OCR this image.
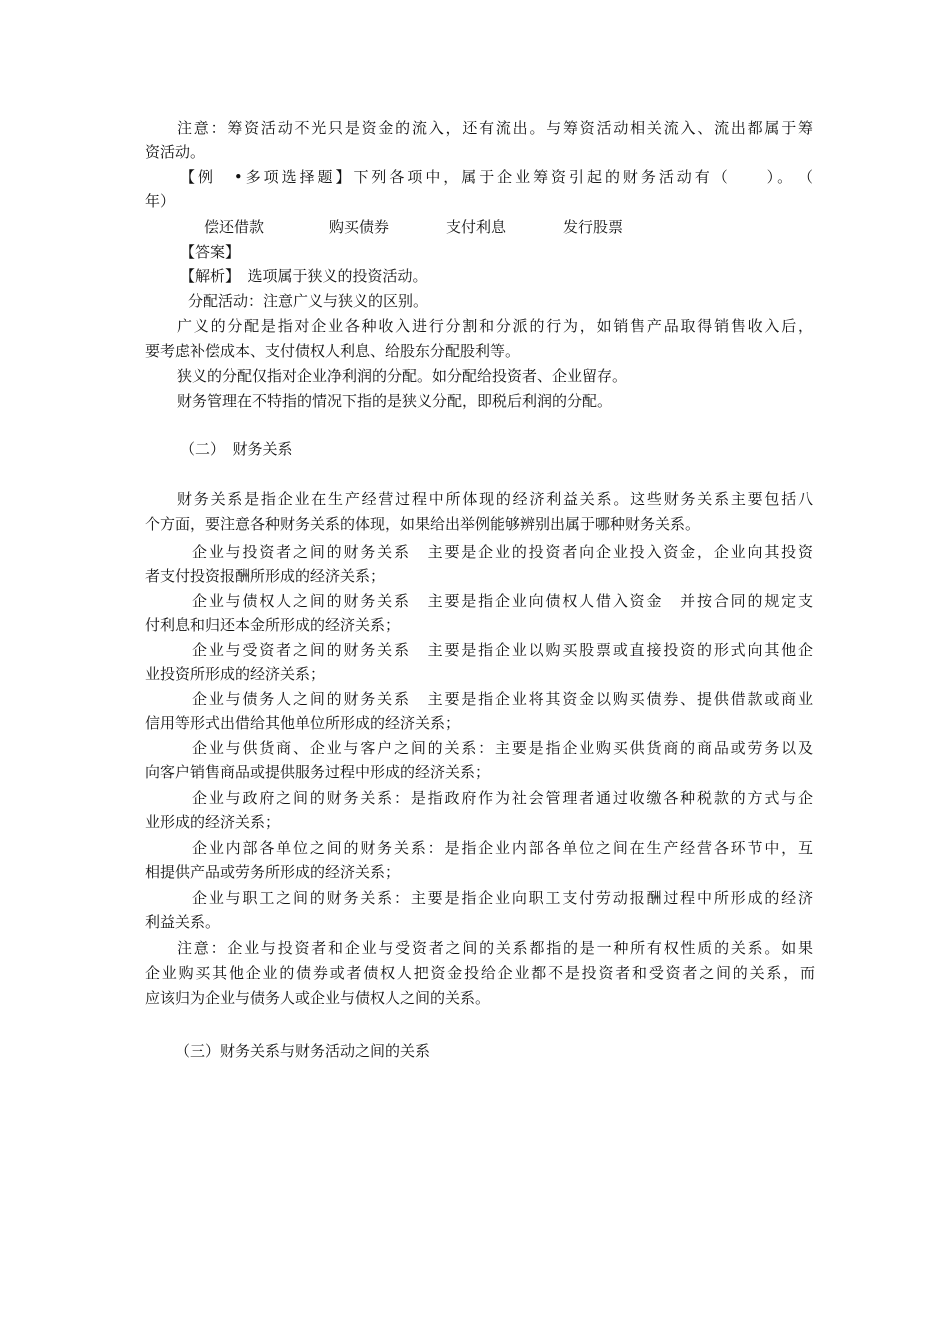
注意：筹资活动不光只是资金的流入，还有流出。与筹资活动相关流入、流出都属于筹
资活动。
【例　•多项选择题】下列各项中，属于企业筹资引起的财务活动有（　　）。　（
年）
偿还借款	购买债券	支付利息	发行股票
【答案】
【解析】　选项属于狭义的投资活动。
分配活动：注意广义与狭义的区别。
广义的分配是指对企业各种收入进行分割和分派的行为，如销售产品取得销售收入后，
要考虑补偿成本、支付债权人利息、给股东分配股利等。
狭义的分配仅指对企业净利润的分配。如分配给投资者、企业留存。
财务管理在不特指的情况下指的是狭义分配，即税后利润的分配。
（二）　财务关系
财务关系是指企业在生产经营过程中所体现的经济利益关系。这些财务关系主要包括八
个方面，要注意各种财务关系的体现，如果给出举例能够辨别出属于哪种财务关系。
企业与投资者之间的财务关系　主要是企业的投资者向企业投入资金，企业向其投资
者支付投资报酬所形成的经济关系；
企业与债权人之间的财务关系　主要是指企业向债权人借入资金　并按合同的规定支
付利息和归还本金所形成的经济关系；
企业与受资者之间的财务关系　主要是指企业以购买股票或直接投资的形式向其他企
业投资所形成的经济关系；
企业与债务人之间的财务关系　主要是指企业将其资金以购买债券、提供借款或商业
信用等形式出借给其他单位所形成的经济关系；
企业与供货商、企业与客户之间的关系：主要是指企业购买供货商的商品或劳务以及
向客户销售商品或提供服务过程中形成的经济关系；
企业与政府之间的财务关系：是指政府作为社会管理者通过收缴各种税款的方式与企
业形成的经济关系；
企业内部各单位之间的财务关系：是指企业内部各单位之间在生产经营各环节中，互
相提供产品或劳务所形成的经济关系；
企业与职工之间的财务关系：主要是指企业向职工支付劳动报酬过程中所形成的经济
利益关系。
注意：企业与投资者和企业与受资者之间的关系都指的是一种所有权性质的关系。如果
企业购买其他企业的债券或者债权人把资金投给企业都不是投资者和受资者之间的关系，而
应该归为企业与债务人或企业与债权人之间的关系。
（三）财务关系与财务活动之间的关系
